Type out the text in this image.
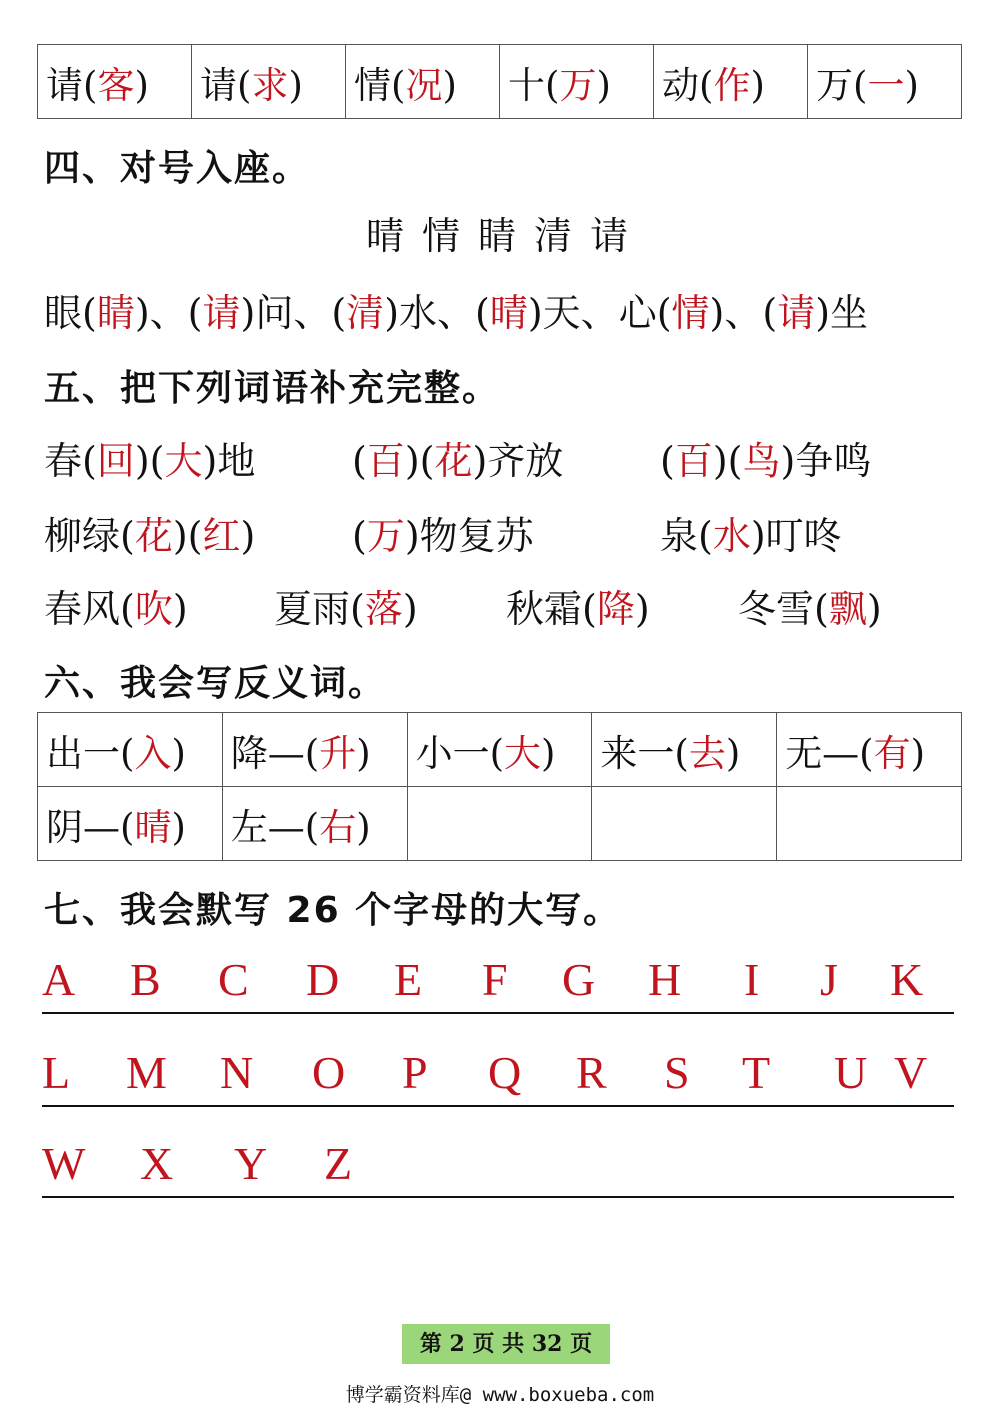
请(客)	请(求)	情(况)	十(万)	动(作)	万(一)
四、对号入座。
晴 情 睛 清 请
眼(睛)、(请)问、(清)水、(晴)天、心(情)、(请)坐
五、把下列词语补充完整。
春(回)(大)地	(百)(花)齐放	(百)(鸟)争鸣
柳绿(花)(红)	(万)物复苏	泉(水)叮咚
春风(吹) 夏雨(落) 秋霜(降) 冬雪(飘)
六、我会写反义词。
出一(入)	降—(升)	小一(大)	来一(去)	无—(有)
阴—(晴)	左—(右)			
七、我会默写 26 个字母的大写。
A B C D E F G H I J K
L M N O P Q R S T U V
W X Y Z
第 2 页 共 32 页
博学霸资料库@ www.boxueba.com
